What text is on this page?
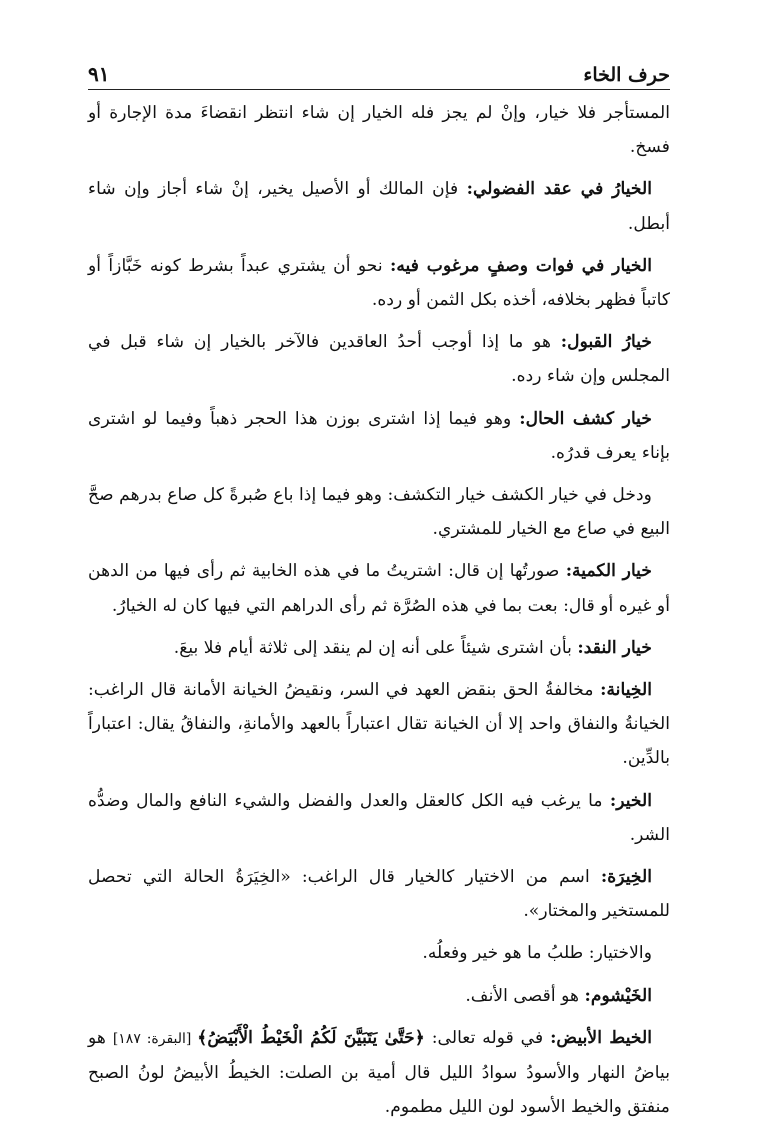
حرف الخاء
٩١

المستأجر فلا خيار، وإنْ لم يجز فله الخيار إن شاء انتظر انقضاءَ مدة الإجارة أو فسخ.

الخيارُ في عقد الفضولي: فإن المالك أو الأصيل يخير، إنْ شاء أجاز وإن شاء أبطل.

الخيار في فوات وصفٍ مرغوب فيه: نحو أن يشتري عبداً بشرط كونه خَبَّازاً أو كاتباً فظهر بخلافه، أخذه بكل الثمن أو رده.

خيارُ القبول: هو ما إذا أوجب أحدُ العاقدين فالآخر بالخيار إن شاء قبل في المجلس وإن شاء رده.

خيار كشف الحال: وهو فيما إذا اشترى بوزن هذا الحجر ذهباً وفيما لو اشترى بإناء يعرف قدرُه.

ودخل في خيار الكشف خيار التكشف: وهو فيما إذا باع صُبرةً كل صاع بدرهم صحَّ البيع في صاع مع الخيار للمشتري.

خيار الكمية: صورتُها إن قال: اشتريتُ ما في هذه الخابية ثم رأى فيها من الدهن أو غيره أو قال: بعت بما في هذه الصُرَّة ثم رأى الدراهم التي فيها كان له الخيارُ.

خيار النقد: بأن اشترى شيئاً على أنه إن لم ينقد إلى ثلاثة أيام فلا بيعَ.

الخِيانة: مخالفةُ الحق بنقض العهد في السر، ونقيضُ الخيانة الأمانة قال الراغب: الخيانةُ والنفاق واحد إلا أن الخيانة تقال اعتباراً بالعهد والأمانةِ، والنفاقُ يقال: اعتباراً بالدِّين.

الخير: ما يرغب فيه الكل كالعقل والعدل والفضل والشيء النافع والمال وضدُّه الشر.

الخِيرَة: اسم من الاختيار كالخيار قال الراغب: «الخِيَرَةُ الحالة التي تحصل للمستخير والمختار».

والاختيار: طلبُ ما هو خير وفعلُه.

الخَيْشوم: هو أقصى الأنف.

الخيط الأبيض: في قوله تعالى: ﴿حَتَّىٰ يَتَبَيَّنَ لَكُمُ الْخَيْطُ الْأَبْيَضُ﴾ [البقرة: ١٨٧] هو بياضُ النهار والأسودُ سوادُ الليل قال أمية بن الصلت: الخيطُ الأبيضُ لونُ الصبح منفتق والخيط الأسود لون الليل مطموم.
